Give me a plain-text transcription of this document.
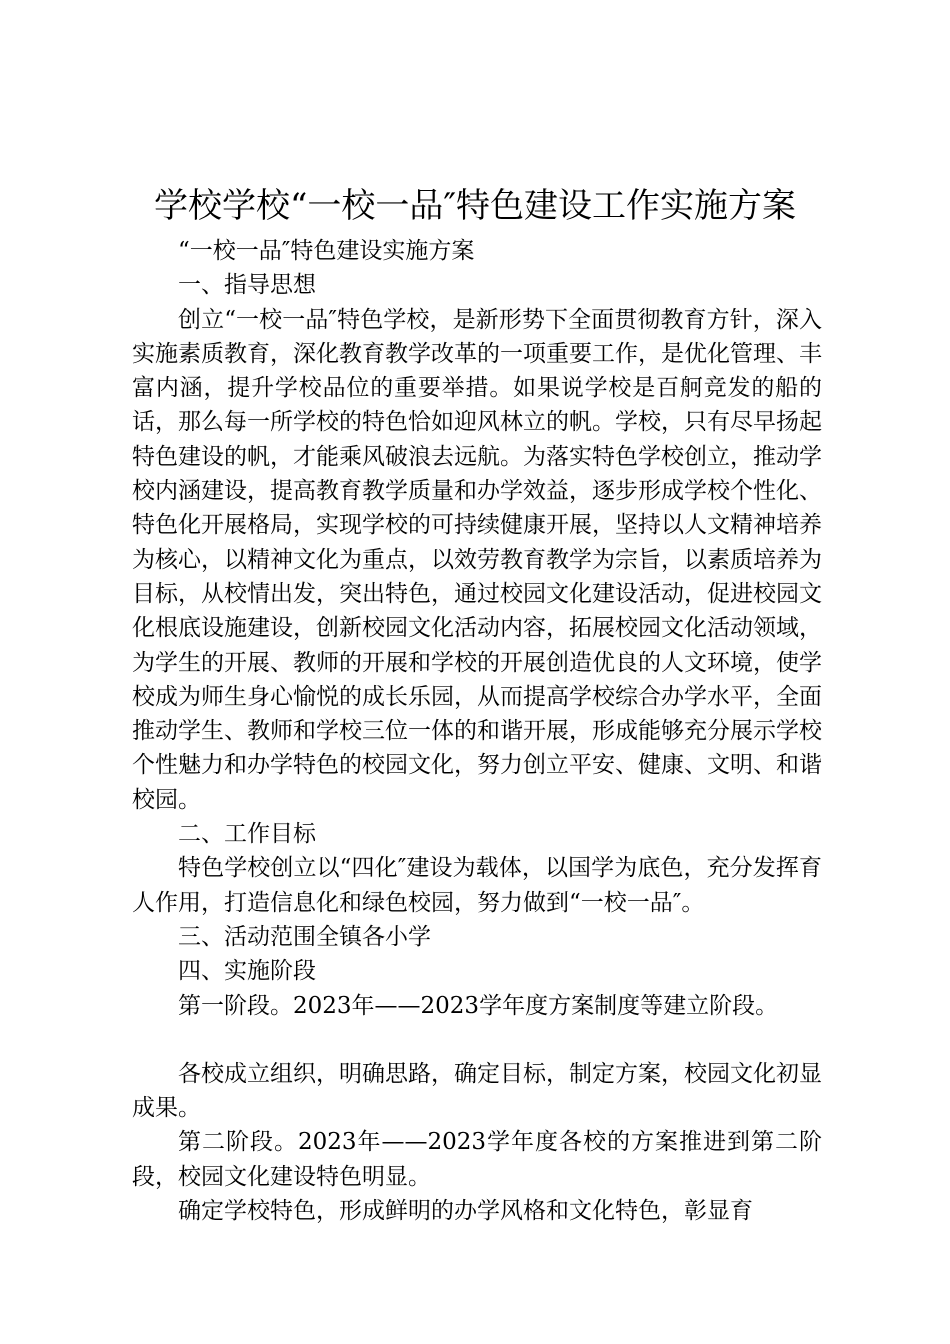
学校学校“一校一品″特色建设工作实施方案

“一校一品″特色建设实施方案

一、指导思想

创立“一校一品″特色学校，是新形势下全面贯彻教育方针，深入实施素质教育，深化教育教学改革的一项重要工作，是优化管理、丰富内涵，提升学校品位的重要举措。如果说学校是百舸竞发的船的话，那么每一所学校的特色恰如迎风林立的帆。学校，只有尽早扬起特色建设的帆，才能乘风破浪去远航。为落实特色学校创立，推动学校内涵建设，提高教育教学质量和办学效益，逐步形成学校个性化、特色化开展格局，实现学校的可持续健康开展，坚持以人文精神培养为核心，以精神文化为重点，以效劳教育教学为宗旨，以素质培养为目标，从校情出发，突出特色，通过校园文化建设活动，促进校园文化根底设施建设，创新校园文化活动内容，拓展校园文化活动领域，为学生的开展、教师的开展和学校的开展创造优良的人文环境，使学校成为师生身心愉悦的成长乐园，从而提高学校综合办学水平，全面推动学生、教师和学校三位一体的和谐开展，形成能够充分展示学校个性魅力和办学特色的校园文化，努力创立平安、健康、文明、和谐校园。

二、工作目标

特色学校创立以“四化″建设为载体，以国学为底色，充分发挥育人作用，打造信息化和绿色校园，努力做到“一校一品″。

三、活动范围全镇各小学

四、实施阶段

第一阶段。2023年——2023学年度方案制度等建立阶段。

各校成立组织，明确思路，确定目标，制定方案，校园文化初显成果。

第二阶段。2023年——2023学年度各校的方案推进到第二阶段，校园文化建设特色明显。

确定学校特色，形成鲜明的办学风格和文化特色，彰显育
